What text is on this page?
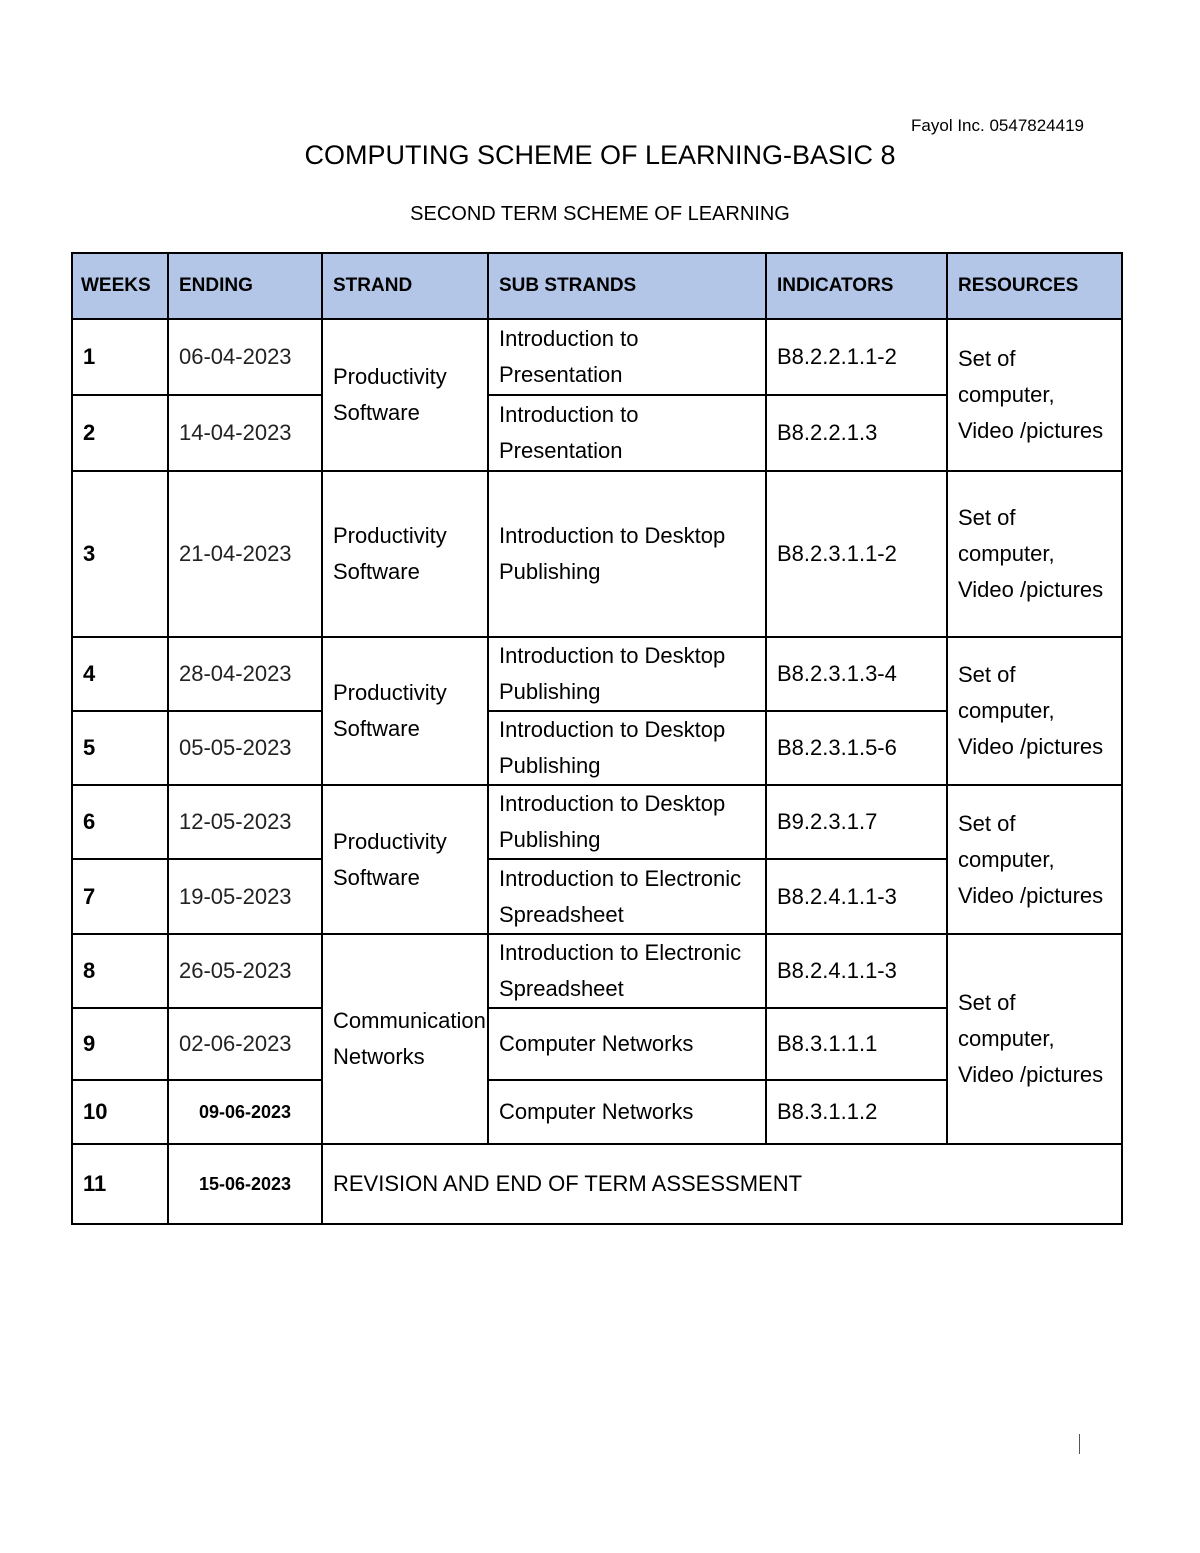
Fayol Inc. 0547824419
COMPUTING SCHEME OF LEARNING-BASIC 8
SECOND TERM SCHEME OF LEARNING
WEEKS	ENDING	STRAND	SUB STRANDS	INDICATORS	RESOURCES
1	06-04-2023	Productivity Software	Introduction to Presentation	B8.2.2.1.1-2	Set of computer, Video /pictures
2	14-04-2023		Introduction to Presentation	B8.2.2.1.3	
3	21-04-2023	Productivity Software	Introduction to Desktop Publishing	B8.2.3.1.1-2	Set of computer, Video /pictures
4	28-04-2023	Productivity Software	Introduction to Desktop Publishing	B8.2.3.1.3-4	Set of computer, Video /pictures
5	05-05-2023		Introduction to Desktop Publishing	B8.2.3.1.5-6	
6	12-05-2023	Productivity Software	Introduction to Desktop Publishing	B9.2.3.1.7	Set of computer, Video /pictures
7	19-05-2023		Introduction to Electronic Spreadsheet	B8.2.4.1.1-3	
8	26-05-2023	Communication Networks	Introduction to Electronic Spreadsheet	B8.2.4.1.1-3	Set of computer, Video /pictures
9	02-06-2023		Computer Networks	B8.3.1.1.1	
10	09-06-2023		Computer Networks	B8.3.1.1.2	
11	15-06-2023	REVISION AND END OF TERM ASSESSMENT			
